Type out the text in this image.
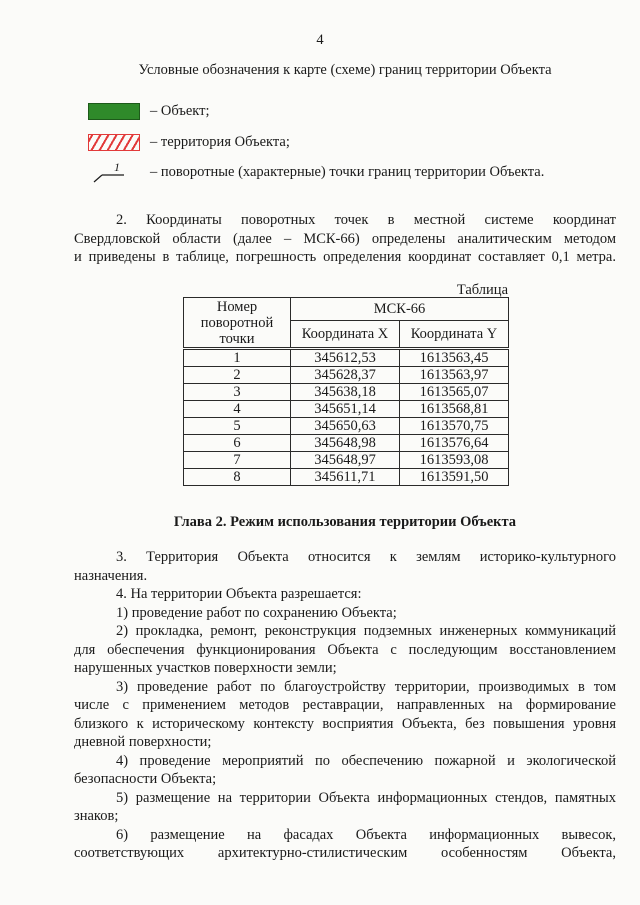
4
Условные обозначения к карте (схеме) границ территории Объекта
– Объект;
– территория Объекта;
1 – поворотные (характерные) точки границ территории Объекта.
2. Координаты поворотных точек в местной системе координат
Свердловской области (далее – МСК-66) определены аналитическим методом
и приведены в таблице, погрешность определения координат составляет 0,1 метра.
Таблица
Номер
поворотной
точки	МСК-66	
	Координата X	Координата Y
1	345612,53	1613563,45
2	345628,37	1613563,97
3	345638,18	1613565,07
4	345651,14	1613568,81
5	345650,63	1613570,75
6	345648,98	1613576,64
7	345648,97	1613593,08
8	345611,71	1613591,50
Глава 2. Режим использования территории Объекта
3. Территория Объекта относится к землям историко-культурного
назначения.
4. На территории Объекта разрешается:
1) проведение работ по сохранению Объекта;
2) прокладка, ремонт, реконструкция подземных инженерных коммуникаций
для обеспечения функционирования Объекта с последующим восстановлением
нарушенных участков поверхности земли;
3) проведение работ по благоустройству территории, производимых в том
числе с применением методов реставрации, направленных на формирование
близкого к историческому контексту восприятия Объекта, без повышения уровня
дневной поверхности;
4) проведение мероприятий по обеспечению пожарной и экологической
безопасности Объекта;
5) размещение на территории Объекта информационных стендов, памятных
знаков;
6) размещение на фасадах Объекта информационных вывесок,
соответствующих архитектурно-стилистическим особенностям Объекта,
